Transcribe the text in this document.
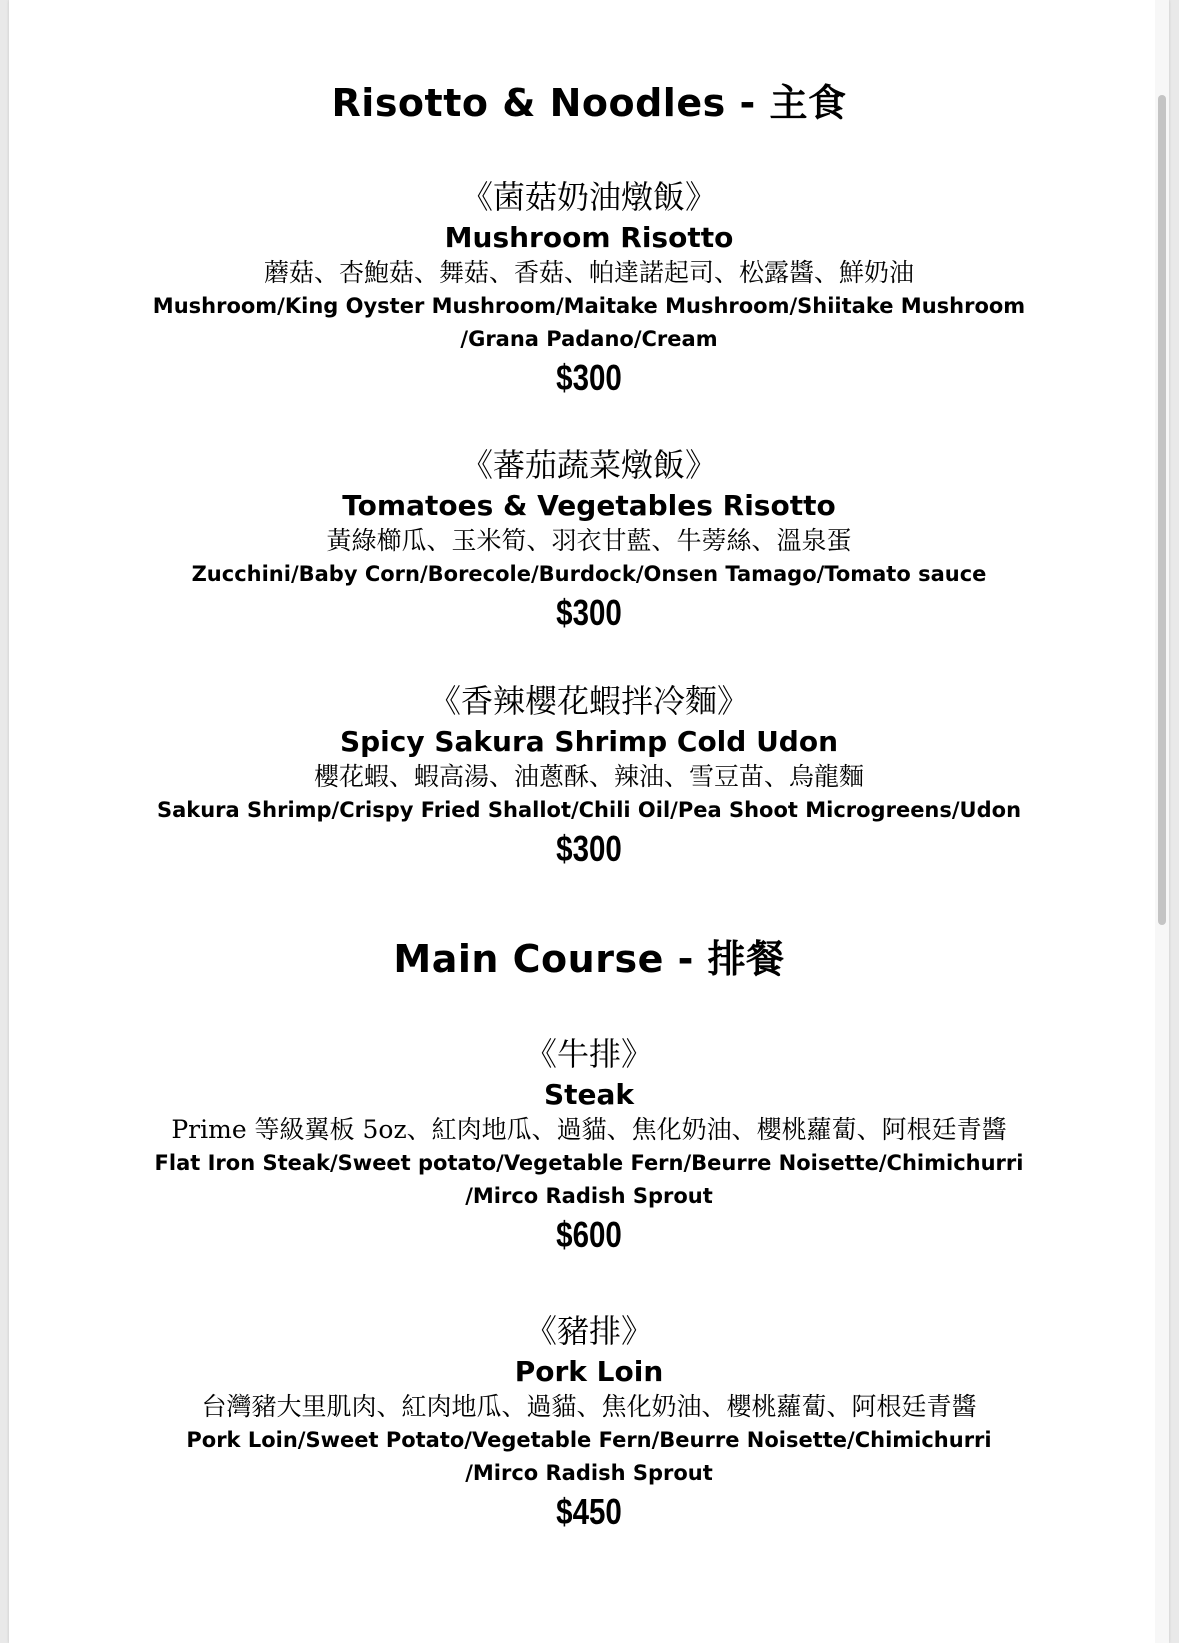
Risotto & Noodles - 主食
《菌菇奶油燉飯》
Mushroom Risotto
蘑菇、杏鮑菇、舞菇、香菇、帕達諾起司、松露醬、鮮奶油
Mushroom/King Oyster Mushroom/Maitake Mushroom/Shiitake Mushroom
/Grana Padano/Cream
$300
《蕃茄蔬菜燉飯》
Tomatoes & Vegetables Risotto
黃綠櫛瓜、玉米筍、羽衣甘藍、牛蒡絲、溫泉蛋
Zucchini/Baby Corn/Borecole/Burdock/Onsen Tamago/Tomato sauce
$300
《香辣櫻花蝦拌冷麵》
Spicy Sakura Shrimp Cold Udon
櫻花蝦、蝦高湯、油蔥酥、辣油、雪豆苗、烏龍麵
Sakura Shrimp/Crispy Fried Shallot/Chili Oil/Pea Shoot Microgreens/Udon
$300
Main Course - 排餐
《牛排》
Steak
Prime 等級翼板 5oz、紅肉地瓜、過貓、焦化奶油、櫻桃蘿蔔、阿根廷青醬
Flat Iron Steak/Sweet potato/Vegetable Fern/Beurre Noisette/Chimichurri
/Mirco Radish Sprout
$600
《豬排》
Pork Loin
台灣豬大里肌肉、紅肉地瓜、過貓、焦化奶油、櫻桃蘿蔔、阿根廷青醬
Pork Loin/Sweet Potato/Vegetable Fern/Beurre Noisette/Chimichurri
/Mirco Radish Sprout
$450
